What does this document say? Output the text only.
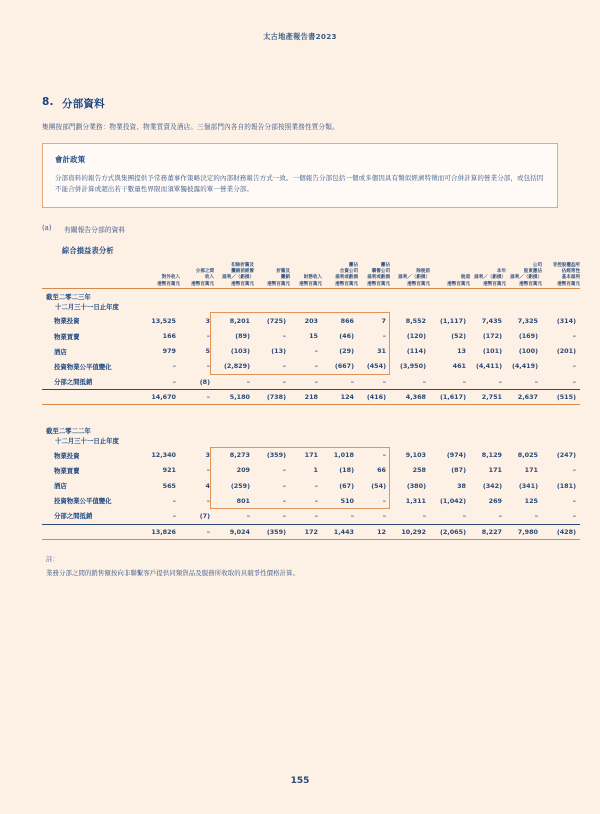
太古地產報告書2023
8. 分部資料

集團按部門劃分業務：物業投資、物業買賣及酒店。三個部門內各自的報告分部按照業務性質分類。

會計政策
分部資料的報告方式與集團提供予常務董事作策略決定的內部財務報告方式一致。一個報告分部包括一個或多個因具有類似經濟特徵而可合併計算的營業分部，或包括因不能合併計算或超出若干數量性界限而須單獨披露的單一營業分部。
(a)	有關報告分部的資料
綜合損益表分析

對外收入
港幣百萬元

分部之間
收入
港幣百萬元

扣除折舊及
攤銷前經營
溢利／（虧損）
港幣百萬元

折舊及
攤銷
港幣百萬元

財務收入
港幣百萬元

攤佔
合資公司
溢利或虧損
港幣百萬元

攤佔
聯營公司
溢利或虧損
港幣百萬元

除稅前
溢利／（虧損）
港幣百萬元

稅項
港幣百萬元

本年
溢利／（虧損）
港幣百萬元

公司
股東應佔
溢利／（虧損）
港幣百萬元

非控股權益所
佔經常性
基本溢利
港幣百萬元

截至二零二三年
十二月三十一日止年度												

物業投資	13,525	3	8,201	(725)	203	866	7	8,552	(1,117)	7,435	7,325	(314)
物業買賣	166	–	(89)	–	15	(46)	–	(120)	(52)	(172)	(169)	–
酒店	979	5	(103)	(13)	–	(29)	31	(114)	13	(101)	(100)	(201)
投資物業公平值變化	–	–	(2,829)	–	–	(667)	(454)	(3,950)	461	(4,411)	(4,419)	–
分部之間抵銷	–	(8)	–	–	–	–	–	–	–	–	–	–

	14,670	–	5,180	(738)	218	124	(416)	4,368	(1,617)	2,751	2,637	(515)

截至二零二二年
十二月三十一日止年度												

物業投資	12,340	3	8,273	(359)	171	1,018	–	9,103	(974)	8,129	8,025	(247)
物業買賣	921	–	209	–	1	(18)	66	258	(87)	171	171	–
酒店	565	4	(259)	–	–	(67)	(54)	(380)	38	(342)	(341)	(181)
投資物業公平值變化	–	–	801	–	–	510	–	1,311	(1,042)	269	125	–
分部之間抵銷	–	(7)	–	–	–	–	–	–	–	–	–	–

	13,826	–	9,024	(359)	172	1,443	12	10,292	(2,065)	8,227	7,980	(428)

註：
業務分部之間的銷售額按向非聯繫客戶提供同類貨品及服務所收取的具競爭性價格計算。
155
